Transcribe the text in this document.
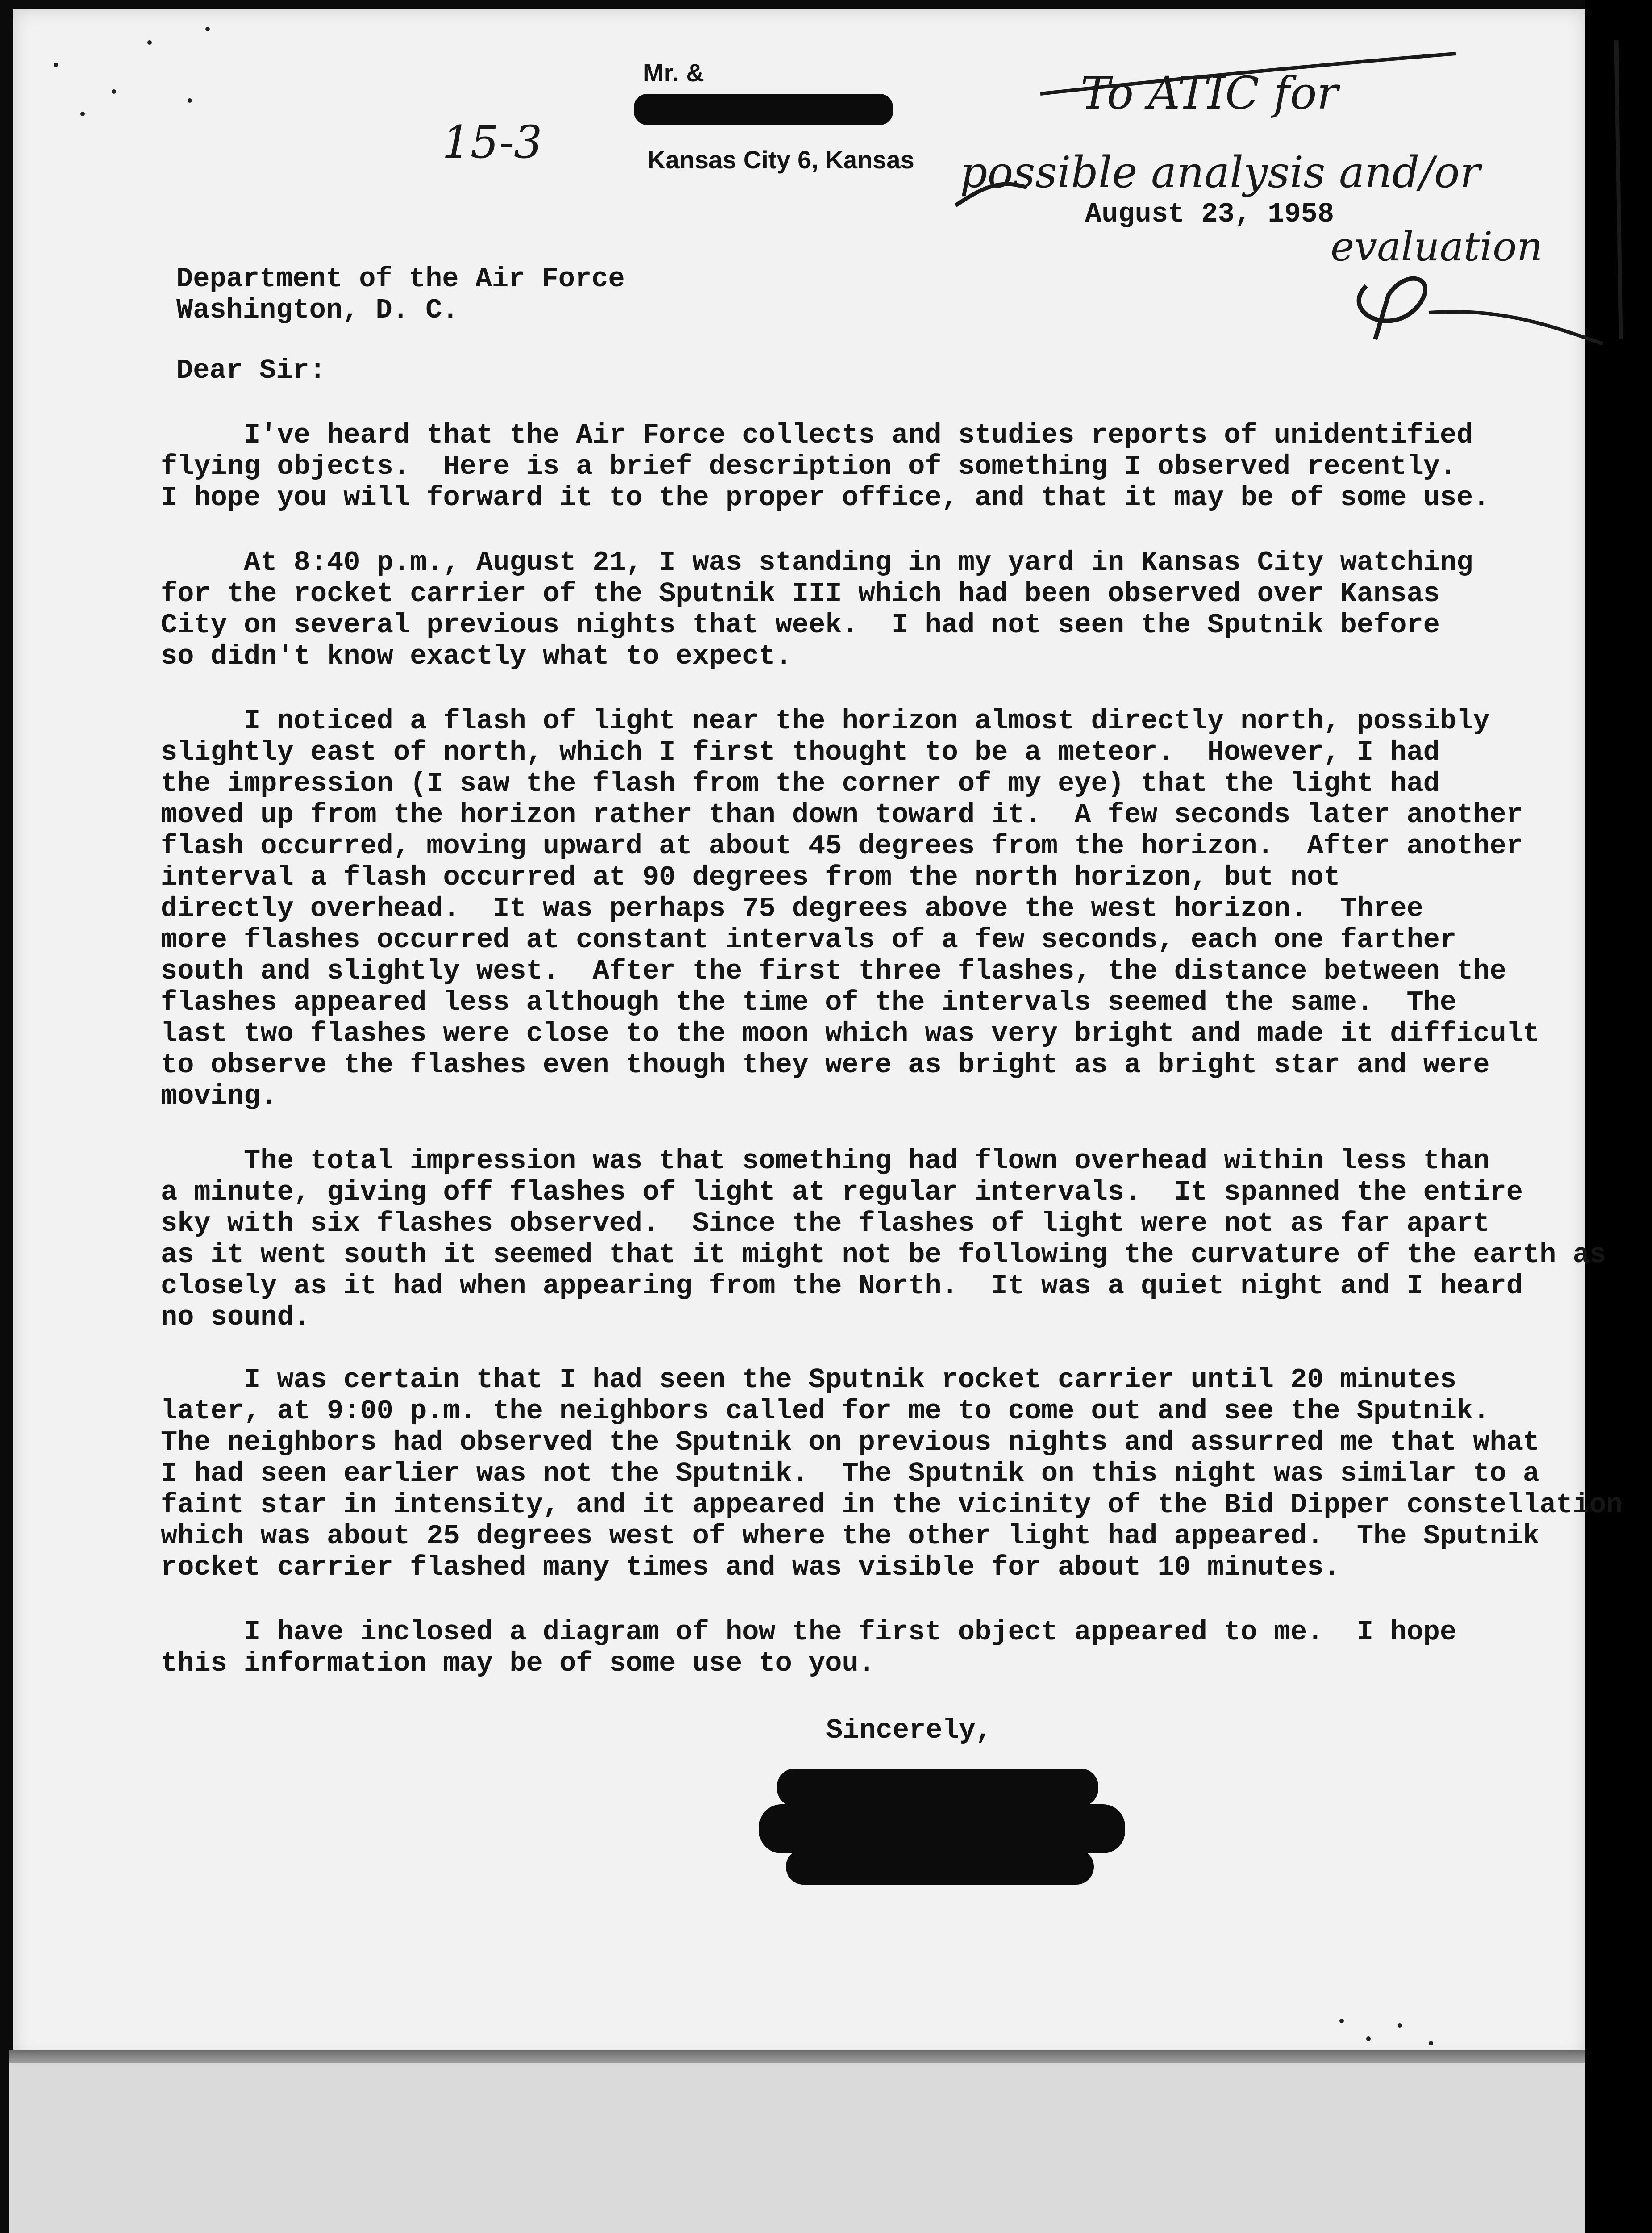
Mr. &
Kansas City 6, Kansas
15-3
To ATIC for
possible analysis and/or
evaluation
August 23, 1958
Department of the Air Force
Washington, D. C.
Dear Sir:
I've heard that the Air Force collects and studies reports of unidentified
flying objects.  Here is a brief description of something I observed recently.
I hope you will forward it to the proper office, and that it may be of some use.
At 8:40 p.m., August 21, I was standing in my yard in Kansas City watching
for the rocket carrier of the Sputnik III which had been observed over Kansas
City on several previous nights that week.  I had not seen the Sputnik before
so didn't know exactly what to expect.
I noticed a flash of light near the horizon almost directly north, possibly
slightly east of north, which I first thought to be a meteor.  However, I had
the impression (I saw the flash from the corner of my eye) that the light had
moved up from the horizon rather than down toward it.  A few seconds later another
flash occurred, moving upward at about 45 degrees from the horizon.  After another
interval a flash occurred at 90 degrees from the north horizon, but not
directly overhead.  It was perhaps 75 degrees above the west horizon.  Three
more flashes occurred at constant intervals of a few seconds, each one farther
south and slightly west.  After the first three flashes, the distance between the
flashes appeared less although the time of the intervals seemed the same.  The
last two flashes were close to the moon which was very bright and made it difficult
to observe the flashes even though they were as bright as a bright star and were
moving.
The total impression was that something had flown overhead within less than
a minute, giving off flashes of light at regular intervals.  It spanned the entire
sky with six flashes observed.  Since the flashes of light were not as far apart
as it went south it seemed that it might not be following the curvature of the earth as
closely as it had when appearing from the North.  It was a quiet night and I heard
no sound.
I was certain that I had seen the Sputnik rocket carrier until 20 minutes
later, at 9:00 p.m. the neighbors called for me to come out and see the Sputnik.
The neighbors had observed the Sputnik on previous nights and assurred me that what
I had seen earlier was not the Sputnik.  The Sputnik on this night was similar to a
faint star in intensity, and it appeared in the vicinity of the Bid Dipper constellation
which was about 25 degrees west of where the other light had appeared.  The Sputnik
rocket carrier flashed many times and was visible for about 10 minutes.
I have inclosed a diagram of how the first object appeared to me.  I hope
this information may be of some use to you.
Sincerely,
